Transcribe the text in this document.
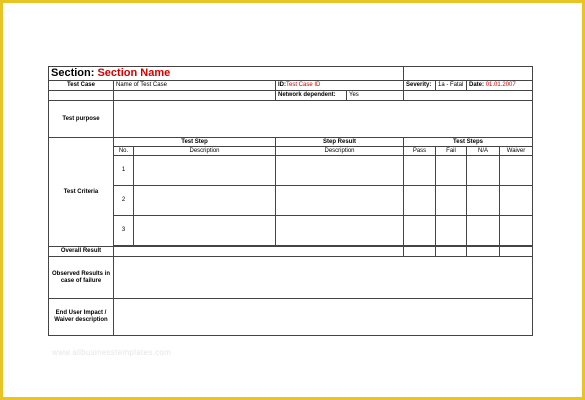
Section: Section Name								
Test Case	Name of Test Case		ID:Test Case ID		Severity:	1a - Fatal	Date: 01.01.2007	
			Network dependent:	Yes				
Test purpose								
Test Criteria	Test Step		Step Result		Test Steps			
	No.	Description	Description		Pass	Fail	N/A	Waiver
	1							
	2							
	3							

Overall Result								
Observed Results in case of failure								
End User Impact / Waiver description								
www.allbusinesstemplates.com
